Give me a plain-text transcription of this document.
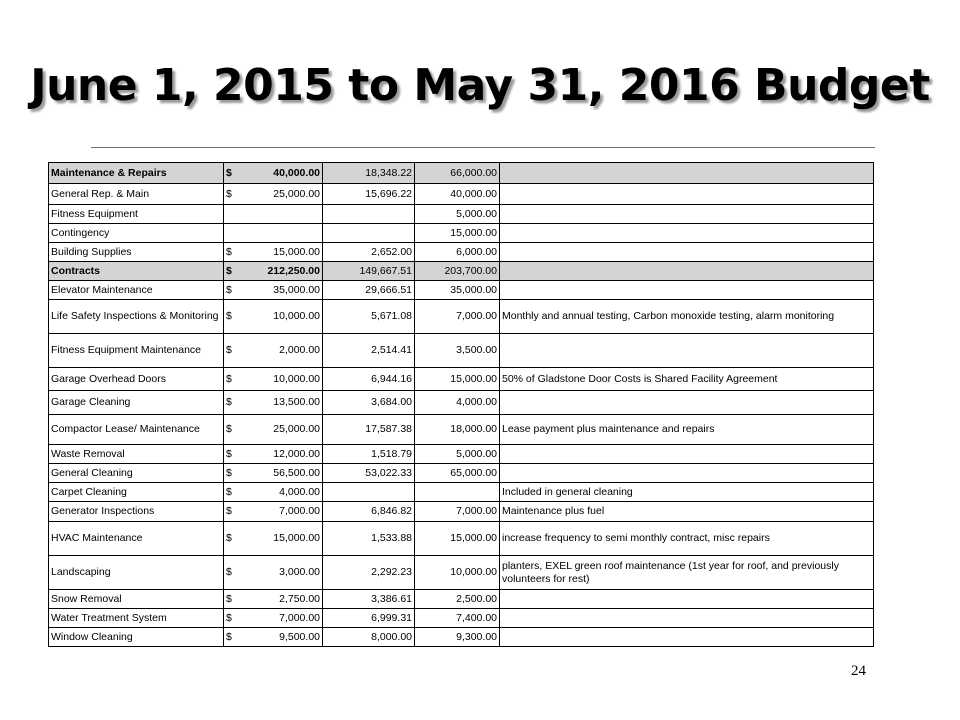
June 1, 2015 to May 31, 2016 Budget
Maintenance & Repairs	$ 40,000.00	18,348.22	66,000.00	
General Rep. & Main	$ 25,000.00	15,696.22	40,000.00	
Fitness Equipment			5,000.00	
Contingency			15,000.00	
Building Supplies	$ 15,000.00	2,652.00	6,000.00	
Contracts	$ 212,250.00	149,667.51	203,700.00	
Elevator Maintenance	$ 35,000.00	29,666.51	35,000.00	
Life Safety Inspections & Monitoring	$ 10,000.00	5,671.08	7,000.00	Monthly and annual testing, Carbon monoxide testing, alarm monitoring
Fitness Equipment Maintenance	$ 2,000.00	2,514.41	3,500.00	
Garage Overhead Doors	$ 10,000.00	6,944.16	15,000.00	50% of Gladstone Door Costs is Shared Facility Agreement
Garage Cleaning	$ 13,500.00	3,684.00	4,000.00	
Compactor Lease/ Maintenance	$ 25,000.00	17,587.38	18,000.00	Lease payment plus maintenance and repairs
Waste Removal	$ 12,000.00	1,518.79	5,000.00	
General Cleaning	$ 56,500.00	53,022.33	65,000.00	
Carpet Cleaning	$ 4,000.00			Included in general cleaning
Generator Inspections	$ 7,000.00	6,846.82	7,000.00	Maintenance plus fuel
HVAC Maintenance	$ 15,000.00	1,533.88	15,000.00	increase frequency to semi monthly contract, misc repairs
Landscaping	$ 3,000.00	2,292.23	10,000.00	planters, EXEL green roof maintenance (1st year for roof, and previously volunteers for rest)
Snow Removal	$ 2,750.00	3,386.61	2,500.00	
Water Treatment System	$ 7,000.00	6,999.31	7,400.00	
Window Cleaning	$ 9,500.00	8,000.00	9,300.00	
24
